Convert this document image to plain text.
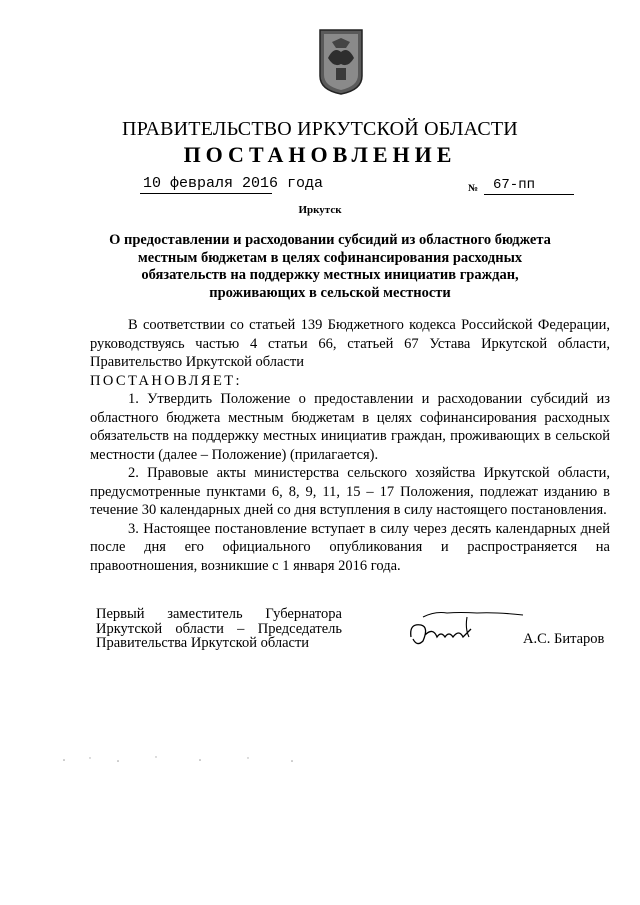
ПРАВИТЕЛЬСТВО ИРКУТСКОЙ ОБЛАСТИ
ПОСТАНОВЛЕНИЕ
10 февраля 2016 года	№ 67-пп
Иркутск
О предоставлении и расходовании субсидий из областного бюджета местным бюджетам в целях софинансирования расходных обязательств на поддержку местных инициатив граждан, проживающих в сельской местности

В соответствии со статьей 139 Бюджетного кодекса Российской Федерации, руководствуясь частью 4 статьи 66, статьей 67 Устава Иркутской области, Правительство Иркутской области

ПОСТАНОВЛЯЕТ:

1. Утвердить Положение о предоставлении и расходовании субсидий из областного бюджета местным бюджетам в целях софинансирования расходных обязательств на поддержку местных инициатив граждан, проживающих в сельской местности (далее – Положение) (прилагается).

2. Правовые акты министерства сельского хозяйства Иркутской области, предусмотренные пунктами 6, 8, 9, 11, 15 – 17 Положения, подлежат изданию в течение 30 календарных дней со дня вступления в силу настоящего постановления.

3. Настоящее постановление вступает в силу через десять календарных дней после дня его официального опубликования и распространяется на правоотношения, возникшие с 1 января 2016 года.

Первый заместитель Губернатора

Иркутской области – Председатель

Правительства Иркутской области	А.С. Битаров
